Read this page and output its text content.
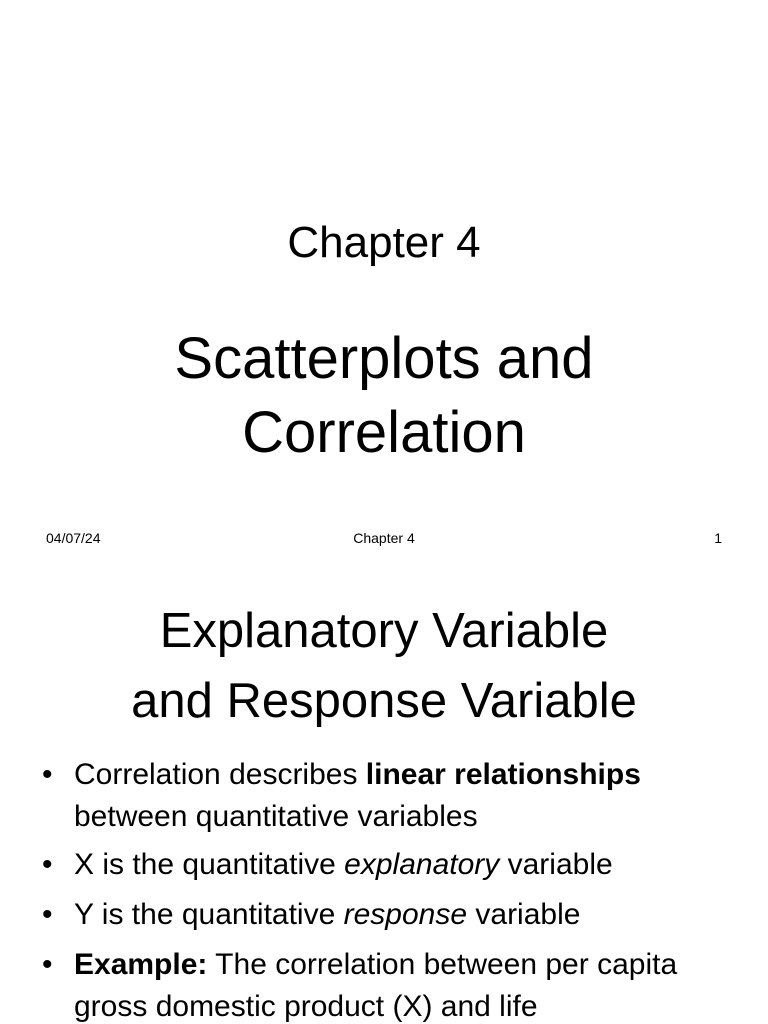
Chapter 4
Scatterplots and
Correlation
04/07/24	Chapter 4	1
Explanatory Variable
and Response Variable
• Correlation describes linear relationships between quantitative variables
• X is the quantitative explanatory variable
• Y is the quantitative response variable
• Example: The correlation between per capita gross domestic product (X) and life
